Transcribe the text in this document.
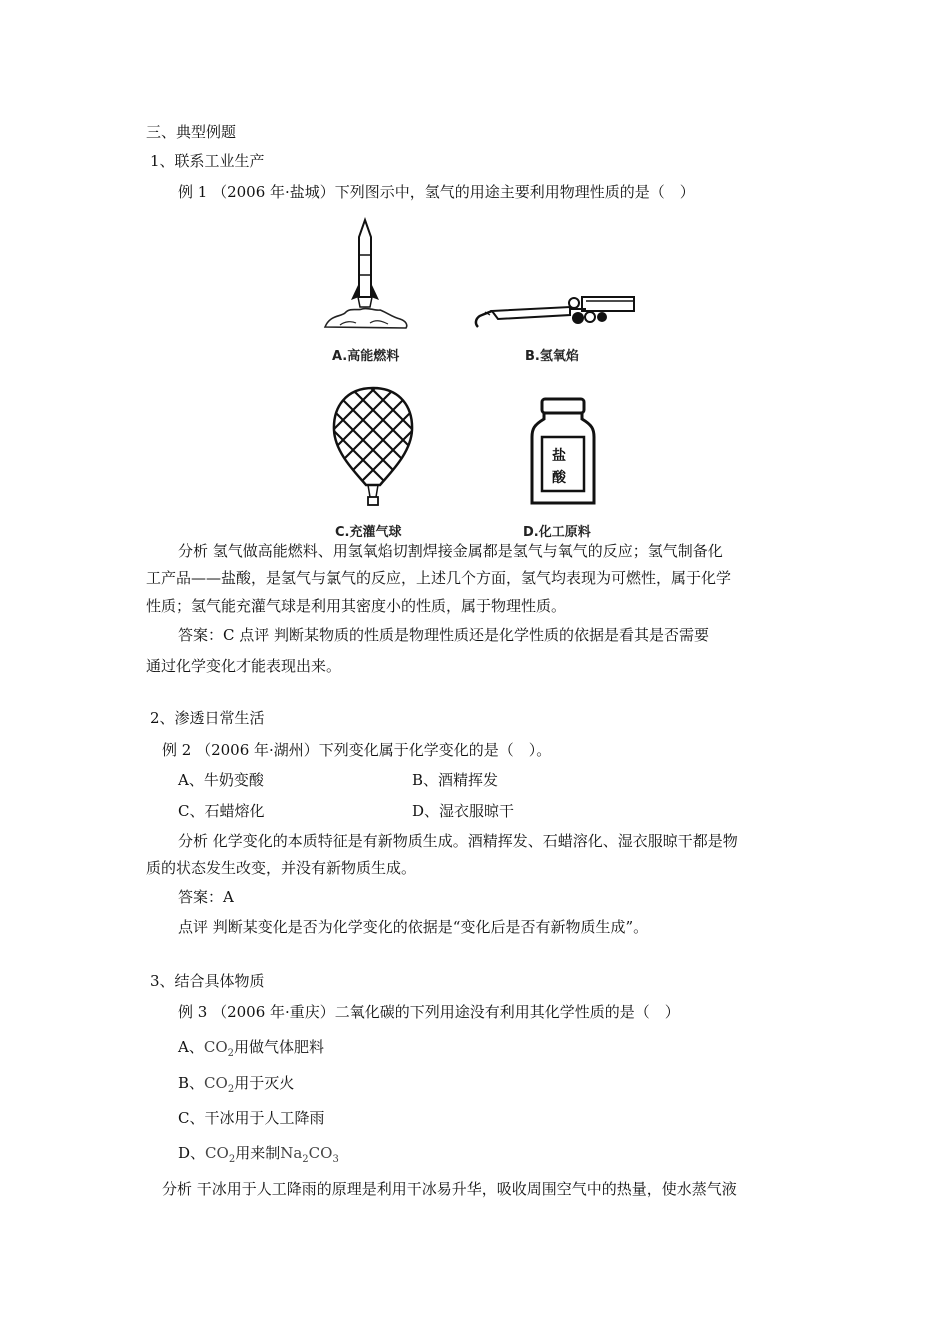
三、典型例题
1、联系工业生产
例 1 （2006 年·盐城）下列图示中，氢气的用途主要利用物理性质的是（　）
A.高能燃料	B.氢氧焰
C.充灌气球
盐
酸
D.化工原料
分析 氢气做高能燃料、用氢氧焰切割焊接金属都是氢气与氧气的反应；氢气制备化
工产品——盐酸，是氢气与氯气的反应，上述几个方面，氢气均表现为可燃性，属于化学
性质；氢气能充灌气球是利用其密度小的性质，属于物理性质。
答案：C 点评 判断某物质的性质是物理性质还是化学性质的依据是看其是否需要
通过化学变化才能表现出来。
2、渗透日常生活
例 2 （2006 年·湖州）下列变化属于化学变化的是（　）。
A、牛奶变酸	B、酒精挥发
C、石蜡熔化	D、湿衣服晾干
分析 化学变化的本质特征是有新物质生成。酒精挥发、石蜡溶化、湿衣服晾干都是物
质的状态发生改变，并没有新物质生成。
答案：A
点评 判断某变化是否为化学变化的依据是“变化后是否有新物质生成”。
3、结合具体物质
例 3 （2006 年·重庆）二氧化碳的下列用途没有利用其化学性质的是（　）
A、$CO_2$用做气体肥料
B、$CO_2$用于灭火
C、干冰用于人工降雨
D、$CO_2$用来制$Na_2CO_3$
分析 干冰用于人工降雨的原理是利用干冰易升华，吸收周围空气中的热量，使水蒸气液
